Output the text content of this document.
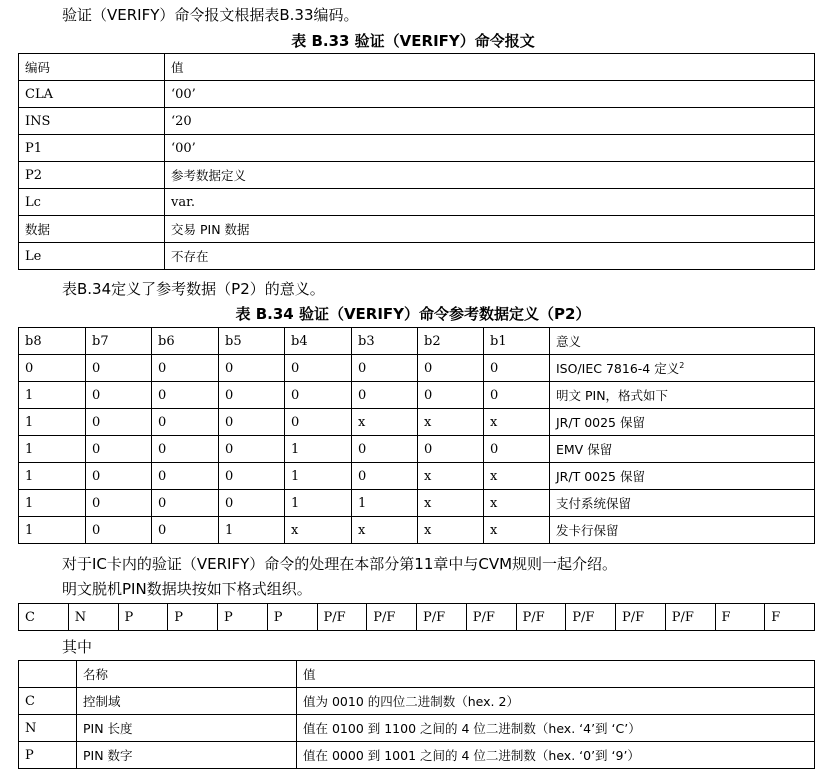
验证（VERIFY）命令报文根据表B.33编码。
表 B.33 验证（VERIFY）命令报文
编码	值
CLA	‘00’
INS	‘20
P1	‘00’
P2	参考数据定义
Lc	var.
数据	交易 PIN 数据
Le	不存在
表B.34定义了参考数据（P2）的意义。
表 B.34 验证（VERIFY）命令参考数据定义（P2）
b8	b7	b6	b5	b4	b3	b2	b1	意义
0	0	0	0	0	0	0	0	ISO/IEC 7816-4 定义$^2$
1	0	0	0	0	0	0	0	明文 PIN，格式如下
1	0	0	0	0	x	x	x	JR/T 0025 保留
1	0	0	0	1	0	0	0	EMV 保留
1	0	0	0	1	0	x	x	JR/T 0025 保留
1	0	0	0	1	1	x	x	支付系统保留
1	0	0	1	x	x	x	x	发卡行保留
对于IC卡内的验证（VERIFY）命令的处理在本部分第11章中与CVM规则一起介绍。
明文脱机PIN数据块按如下格式组织。
C	N	P	P	P	P	P/F	P/F	P/F	P/F	P/F	P/F	P/F	P/F	F	F
其中
	名称	值
C	控制域	值为 0010 的四位二进制数（hex. 2）
N	PIN 长度	值在 0100 到 1100 之间的 4 位二进制数（hex. ‘4’到 ‘C’）
P	PIN 数字	值在 0000 到 1001 之间的 4 位二进制数（hex. ‘0’到 ‘9’）
